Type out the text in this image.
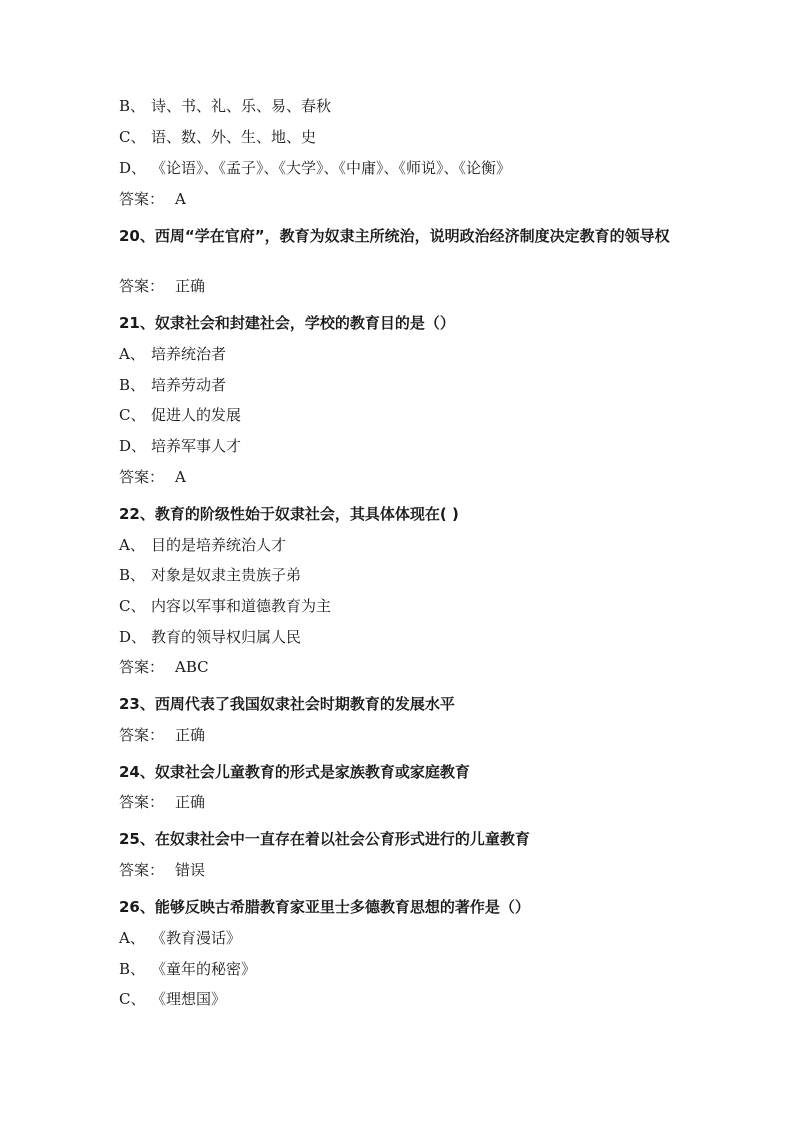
B、 诗、书、礼、乐、易、春秋
C、 语、数、外、生、地、史
D、 《论语》、《孟子》、《大学》、《中庸》、《师说》、《论衡》
答案： A
20、西周“学在官府”，教育为奴隶主所统治，说明政治经济制度决定教育的领导权
答案： 正确
21、奴隶社会和封建社会，学校的教育目的是（）
A、 培养统治者
B、 培养劳动者
C、 促进人的发展
D、 培养军事人才
答案： A
22、教育的阶级性始于奴隶社会，其具体体现在( )
A、 目的是培养统治人才
B、 对象是奴隶主贵族子弟
C、 内容以军事和道德教育为主
D、 教育的领导权归属人民
答案： ABC
23、西周代表了我国奴隶社会时期教育的发展水平
答案： 正确
24、奴隶社会儿童教育的形式是家族教育或家庭教育
答案： 正确
25、在奴隶社会中一直存在着以社会公育形式进行的儿童教育
答案： 错误
26、能够反映古希腊教育家亚里士多德教育思想的著作是（）
A、 《教育漫话》
B、 《童年的秘密》
C、 《理想国》
